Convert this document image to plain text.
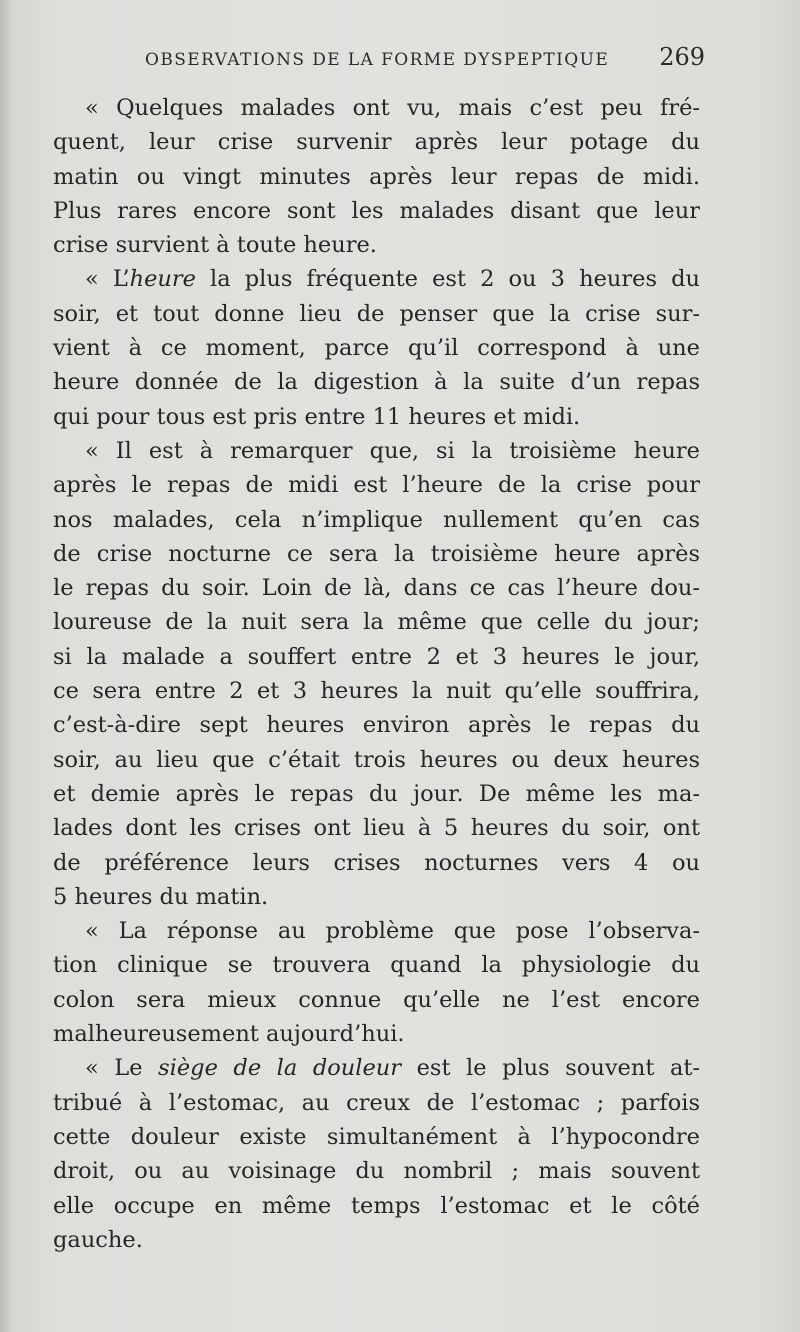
OBSERVATIONS DE LA FORME DYSPEPTIQUE 269
« Quelques malades ont vu, mais c’est peu fré-
quent, leur crise survenir après leur potage du
matin ou vingt minutes après leur repas de midi.
Plus rares encore sont les malades disant que leur
crise survient à toute heure.
« L’heure la plus fréquente est 2 ou 3 heures du
soir, et tout donne lieu de penser que la crise sur-
vient à ce moment, parce qu’il correspond à une
heure donnée de la digestion à la suite d’un repas
qui pour tous est pris entre 11 heures et midi.
« Il est à remarquer que, si la troisième heure
après le repas de midi est l’heure de la crise pour
nos malades, cela n’implique nullement qu’en cas
de crise nocturne ce sera la troisième heure après
le repas du soir. Loin de là, dans ce cas l’heure dou-
loureuse de la nuit sera la même que celle du jour;
si la malade a souffert entre 2 et 3 heures le jour,
ce sera entre 2 et 3 heures la nuit qu’elle souffrira,
c’est-à-dire sept heures environ après le repas du
soir, au lieu que c’était trois heures ou deux heures
et demie après le repas du jour. De même les ma-
lades dont les crises ont lieu à 5 heures du soir, ont
de préférence leurs crises nocturnes vers 4 ou
5 heures du matin.
« La réponse au problème que pose l’observa-
tion clinique se trouvera quand la physiologie du
colon sera mieux connue qu’elle ne l’est encore
malheureusement aujourd’hui.
« Le siège de la douleur est le plus souvent at-
tribué à l’estomac, au creux de l’estomac ; parfois
cette douleur existe simultanément à l’hypocondre
droit, ou au voisinage du nombril ; mais souvent
elle occupe en même temps l’estomac et le côté
gauche.
